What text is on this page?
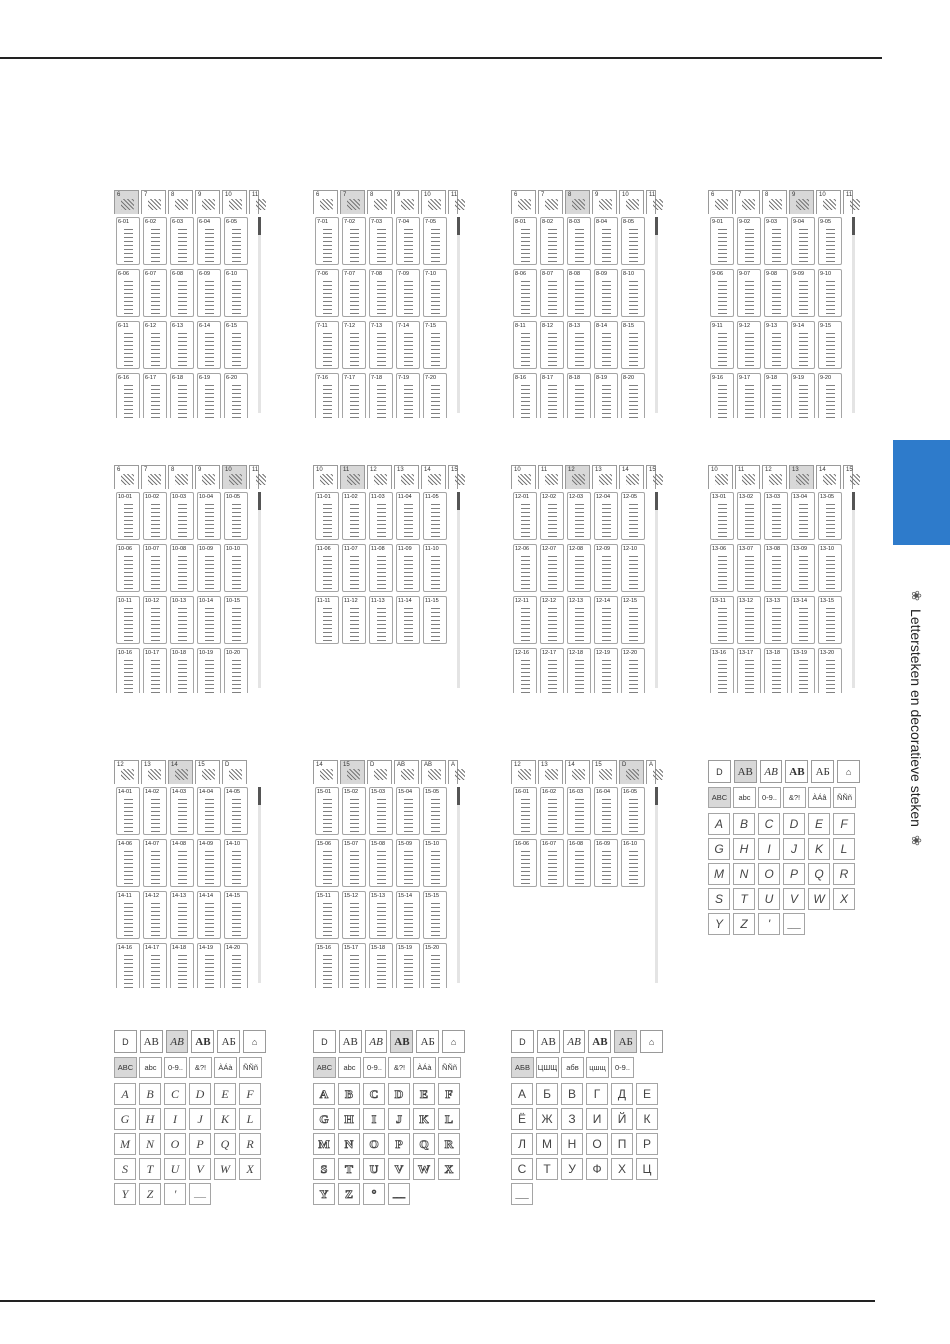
❀
Lettersteken en decoratieve steken
❀
6	7	8	9	10	11
6-01	6-02	6-03	6-04	6-05
6-06	6-07	6-08	6-09	6-10
6-11	6-12	6-13	6-14	6-15
6-16	6-17	6-18	6-19	6-20
6	7	8	9	10	11
7-01	7-02	7-03	7-04	7-05
7-06	7-07	7-08	7-09	7-10
7-11	7-12	7-13	7-14	7-15
7-16	7-17	7-18	7-19	7-20
6	7	8	9	10	11
8-01	8-02	8-03	8-04	8-05
8-06	8-07	8-08	8-09	8-10
8-11	8-12	8-13	8-14	8-15
8-16	8-17	8-18	8-19	8-20
6	7	8	9	10	11
9-01	9-02	9-03	9-04	9-05
9-06	9-07	9-08	9-09	9-10
9-11	9-12	9-13	9-14	9-15
9-16	9-17	9-18	9-19	9-20
6	7	8	9	10	11
10-01 10-02 10-03 10-04 10-05
10-06 10-07 10-08 10-09 10-10
10-11 10-12 10-13 10-14 10-15
10-16 10-17 10-18 10-19 10-20
10	11	12	13	14	15
11-01 11-02 11-03 11-04 11-05
11-06 11-07 11-08 11-09 11-10
11-11 11-12 11-13 11-14 11-15
10	11	12	13	14	15
12-01 12-02 12-03 12-04 12-05
12-06 12-07 12-08 12-09 12-10
12-11 12-12 12-13 12-14 12-15
12-16 12-17 12-18 12-19 12-20
10	11	12	13	14	15
13-01 13-02 13-03 13-04 13-05
13-06 13-07 13-08 13-09 13-10
13-11 13-12 13-13 13-14 13-15
13-16 13-17 13-18 13-19 13-20
12	13	14	15	D
14-01 14-02 14-03 14-04 14-05
14-06 14-07 14-08 14-09 14-10
14-11 14-12 14-13 14-14 14-15
14-16 14-17 14-18 14-19 14-20
14	15	D	AB	AB	A
15-01 15-02 15-03 15-04 15-05
15-06 15-07 15-08 15-09 15-10
15-11 15-12 15-13 15-14 15-15
15-16 15-17 15-18 15-19 15-20
12	13	14	15	D	A
16-01 16-02 16-03 16-04 16-05
16-06 16-07 16-08 16-09 16-10
D	AB	AB	AB	АБ	⌂
ABC	abc	0-9..	&?!	ÀÁâ	ÑÑñ
A	B	C	D	E	F
G	H	I	J	K	L
M	N	O	P	Q	R
S	T	U	V	W	X
Y	Z	'	___
D	AB	AB	AB	АБ	⌂
ABC	abc	0-9..	&?!	ÀÁà	ÑÑñ
A	B	C	D	E	F
G	H	I	J	K	L
M	N	O	P	Q	R
S	T	U	V	W	X
Y	Z	'	___
D	AB	AB	AB	АБ	⌂
ABC	abc	0-9..	&?!	ÀÁà	ÑÑñ
A	B	C	D	E	F
G	H	I	J	K	L
M	N	O	P	Q	R
S	T	U	V	W	X
Y	Z	°	___
D	AB	AB	AB	АБ	⌂
АБВ	ЦШЩ	абв	цшщ	0-9..
А	Б	В	Г	Д	Е
Ё	Ж	З	И	Й	К
Л	М	Н	О	П	Р
С	Т	У	Ф	Х	Ц
___
